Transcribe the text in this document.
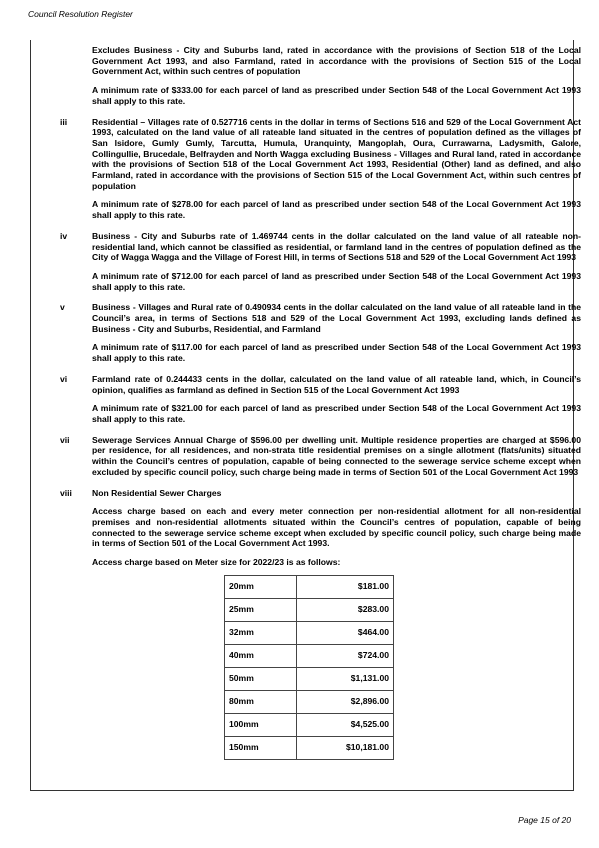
Council Resolution Register

Excludes Business - City and Suburbs land, rated in accordance with the provisions of Section 518 of the Local Government Act 1993, and also Farmland, rated in accordance with the provisions of Section 515 of the Local Government Act, within such centres of population

A minimum rate of $333.00 for each parcel of land as prescribed under Section 548 of the Local Government Act 1993 shall apply to this rate.

iii	Residential – Villages rate of 0.527716 cents in the dollar in terms of Sections 516 and 529 of the Local Government Act 1993, calculated on the land value of all rateable land situated in the centres of population defined as the villages of San Isidore, Gumly Gumly, Tarcutta, Humula, Uranquinty, Mangoplah, Oura, Currawarna, Ladysmith, Galore, Collingullie, Brucedale, Belfrayden and North Wagga excluding Business - Villages and Rural land, rated in accordance with the provisions of Section 518 of the Local Government Act 1993, Residential (Other) land as defined, and also Farmland, rated in accordance with the provisions of Section 515 of the Local Government Act, within such centres of population

A minimum rate of $278.00 for each parcel of land as prescribed under section 548 of the Local Government Act 1993 shall apply to this rate.

iv	Business - City and Suburbs rate of 1.469744 cents in the dollar calculated on the land value of all rateable non-residential land, which cannot be classified as residential, or farmland land in the centres of population defined as the City of Wagga Wagga and the Village of Forest Hill, in terms of Sections 518 and 529 of the Local Government Act 1993

A minimum rate of $712.00 for each parcel of land as prescribed under Section 548 of the Local Government Act 1993 shall apply to this rate.

v	Business - Villages and Rural rate of 0.490934 cents in the dollar calculated on the land value of all rateable land in the Council’s area, in terms of Sections 518 and 529 of the Local Government Act 1993, excluding lands defined as Business - City and Suburbs, Residential, and Farmland

A minimum rate of $117.00 for each parcel of land as prescribed under Section 548 of the Local Government Act 1993 shall apply to this rate.

vi	Farmland rate of 0.244433 cents in the dollar, calculated on the land value of all rateable land, which, in Council’s opinion, qualifies as farmland as defined in Section 515 of the Local Government Act 1993

A minimum rate of $321.00 for each parcel of land as prescribed under Section 548 of the Local Government Act 1993 shall apply to this rate.

vii	Sewerage Services Annual Charge of $596.00 per dwelling unit. Multiple residence properties are charged at $596.00 per residence, for all residences, and non-strata title residential premises on a single allotment (flats/units) situated within the Council’s centres of population, capable of being connected to the sewerage service scheme except when excluded by specific council policy, such charge being made in terms of Section 501 of the Local Government Act 1993

viii	Non Residential Sewer Charges

Access charge based on each and every meter connection per non-residential allotment for all non-residential premises and non-residential allotments situated within the Council’s centres of population, capable of being connected to the sewerage service scheme except when excluded by specific council policy, such charge being made in terms of Section 501 of the Local Government Act 1993.

Access charge based on Meter size for 2022/23 is as follows:

20mm	$181.00
25mm	$283.00
32mm	$464.00
40mm	$724.00
50mm	$1,131.00
80mm	$2,896.00
100mm	$4,525.00
150mm	$10,181.00
Page 15 of 20
